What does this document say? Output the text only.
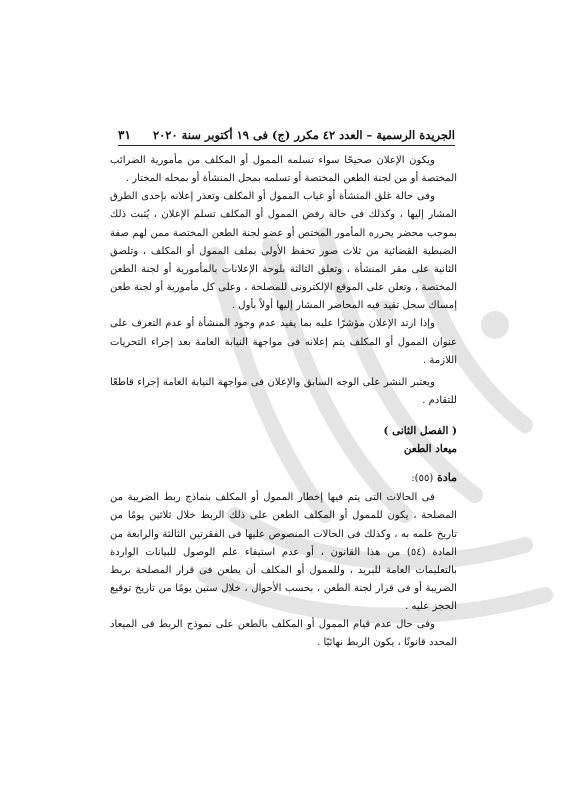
الجريدة الرسمية – العدد ٤٢ مكرر (ج) فى ١٩ أكتوبر سنة ٢٠٢٠
٣١

ويكون الإعلان صحيحًا سواء تسلمه الممول أو المكلف من مأمورية الضرائب المختصة أو من لجنة الطعن المختصة أو تسلمه بمحل المنشأة أو بمحله المختار .

وفى حالة غلق المنشأة أو غياب الممول أو المكلف وتعذر إعلانه بإحدى الطرق المشار إليها ، وكذلك فى حالة رفض الممول أو المكلف تسلم الإعلان ، يُثبت ذلك بموجب محضر يحرره المأمور المختص أو عضو لجنة الطعن المختصة ممن لهم صفة الضبطية القضائية من ثلاث صور تحفظ الأولى بملف الممول أو المكلف ، وتلصق الثانية على مقر المنشأة ، وتعلق الثالثة بلوحة الإعلانات بالمأمورية أو لجنة الطعن المختصة ، وتعلن على الموقع الإلكترونى للمصلحة ، وعلى كل مأمورية أو لجنة طعن إمساك سجل تقيد فيه المحاضر المشار إليها أولاً بأول .

وإذا ارتد الإعلان مؤشرًا عليه بما يفيد عدم وجود المنشأة أو عدم التعرف على عنوان الممول أو المكلف يتم إعلانه فى مواجهة النيابة العامة بعد إجراء التحريات اللازمة .

ويعتبر النشر على الوجه السابق والإعلان فى مواجهة النيابة العامة إجراء قاطعًا للتقادم .

( الفصل الثانى )
ميعاد الطعن
مادة (٥٥):

فى الحالات التى يتم فيها إخطار الممول أو المكلف بنماذج ربط الضريبة من المصلحة ، يكون للممول أو المكلف الطعن على ذلك الربط خلال ثلاثين يومًا من تاريخ علمه به ، وكذلك فى الحالات المنصوص عليها فى الفقرتين الثالثة والرابعة من المادة (٥٤) من هذا القانون ، أو عدم استيفاء علم الوصول للبيانات الواردة بالتعليمات العامة للبريد ، وللممول أو المكلف أن يطعن فى قرار المصلحة بربط الضريبة أو فى قرار لجنة الطعن ، بحسب الأحوال ، خلال ستين يومًا من تاريخ توقيع الحجز عليه .

وفى حال عدم قيام الممول أو المكلف بالطعن على نموذج الربط فى الميعاد المحدد قانونًا ، يكون الربط نهائيًا .
